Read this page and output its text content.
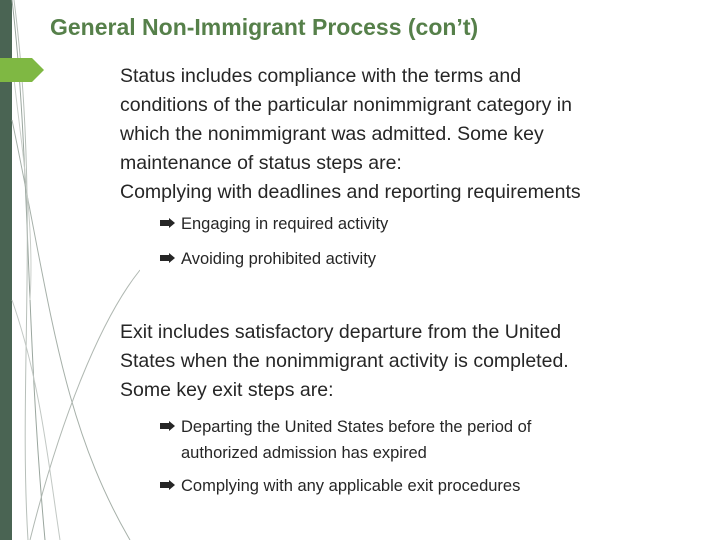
General Non-Immigrant Process (con’t)

Status includes compliance with the terms and
conditions of the particular nonimmigrant category in
which the nonimmigrant was admitted. Some key
maintenance of status steps are:
Complying with deadlines and reporting requirements

Engaging in required activity
Avoiding prohibited activity

Exit includes satisfactory departure from the United
States when the nonimmigrant activity is completed.
Some key exit steps are:

Departing the United States before the period of
authorized admission has expired
Complying with any applicable exit procedures
